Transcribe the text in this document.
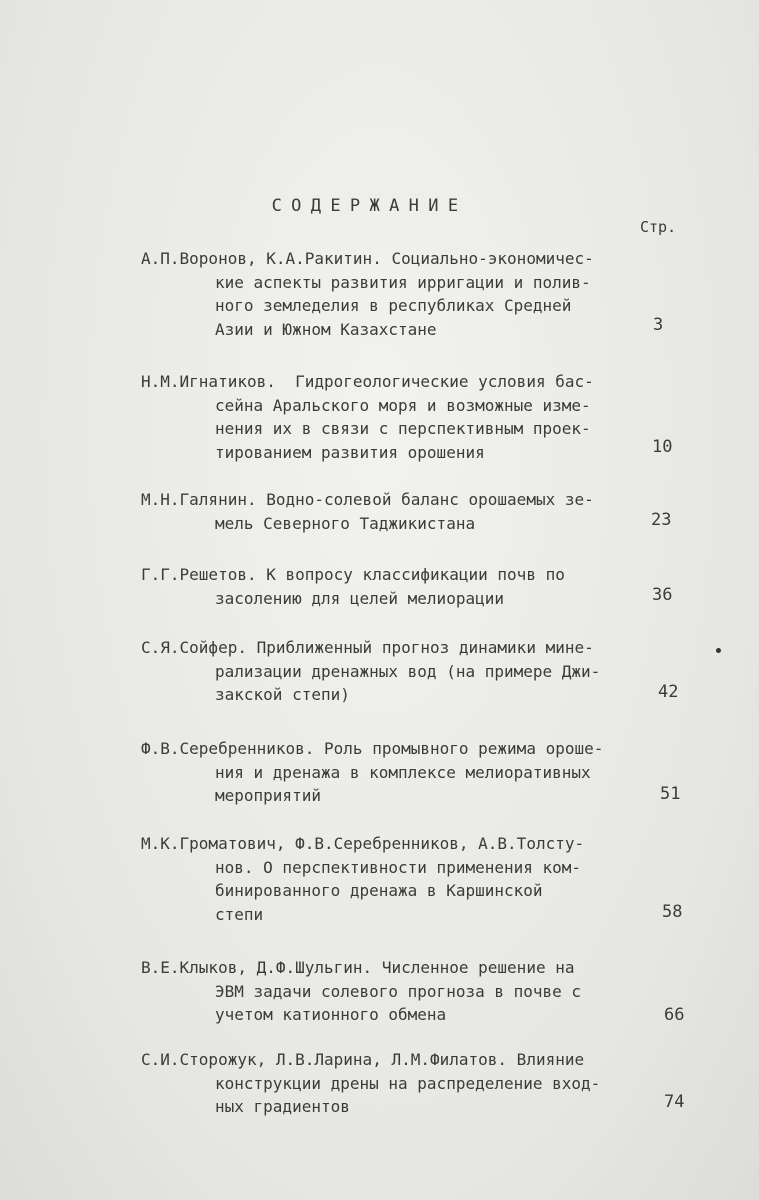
СОДЕРЖАНИЕ
Стр.
А.П.Воронов, К.А.Ракитин. Социально-экономичес-
кие аспекты развития ирригации и полив-
ного земледелия в республиках Средней
Азии и Южном Казахстане	3
Н.М.Игнатиков.  Гидрогеологические условия бас-
сейна Аральского моря и возможные изме-
нения их в связи с перспективным проек-
тированием развития орошения	10
М.Н.Галянин. Водно-солевой баланс орошаемых зе-
мель Северного Таджикистана	23
Г.Г.Решетов. К вопросу классификации почв по
засолению для целей мелиорации	36
С.Я.Сойфер. Приближенный прогноз динамики мине-
рализации дренажных вод (на примере Джи-
закской степи)	42
Ф.В.Серебренников. Роль промывного режима ороше-
ния и дренажа в комплексе мелиоративных
мероприятий	51
М.К.Громатович, Ф.В.Серебренников, А.В.Толсту-
нов. О перспективности применения ком-
бинированного дренажа в Каршинской
степи	58
В.Е.Клыков, Д.Ф.Шульгин. Численное решение на
ЭВМ задачи солевого прогноза в почве с
учетом катионного обмена	66
С.И.Сторожук, Л.В.Ларина, Л.М.Филатов. Влияние
конструкции дрены на распределение вход-
ных градиентов	74
